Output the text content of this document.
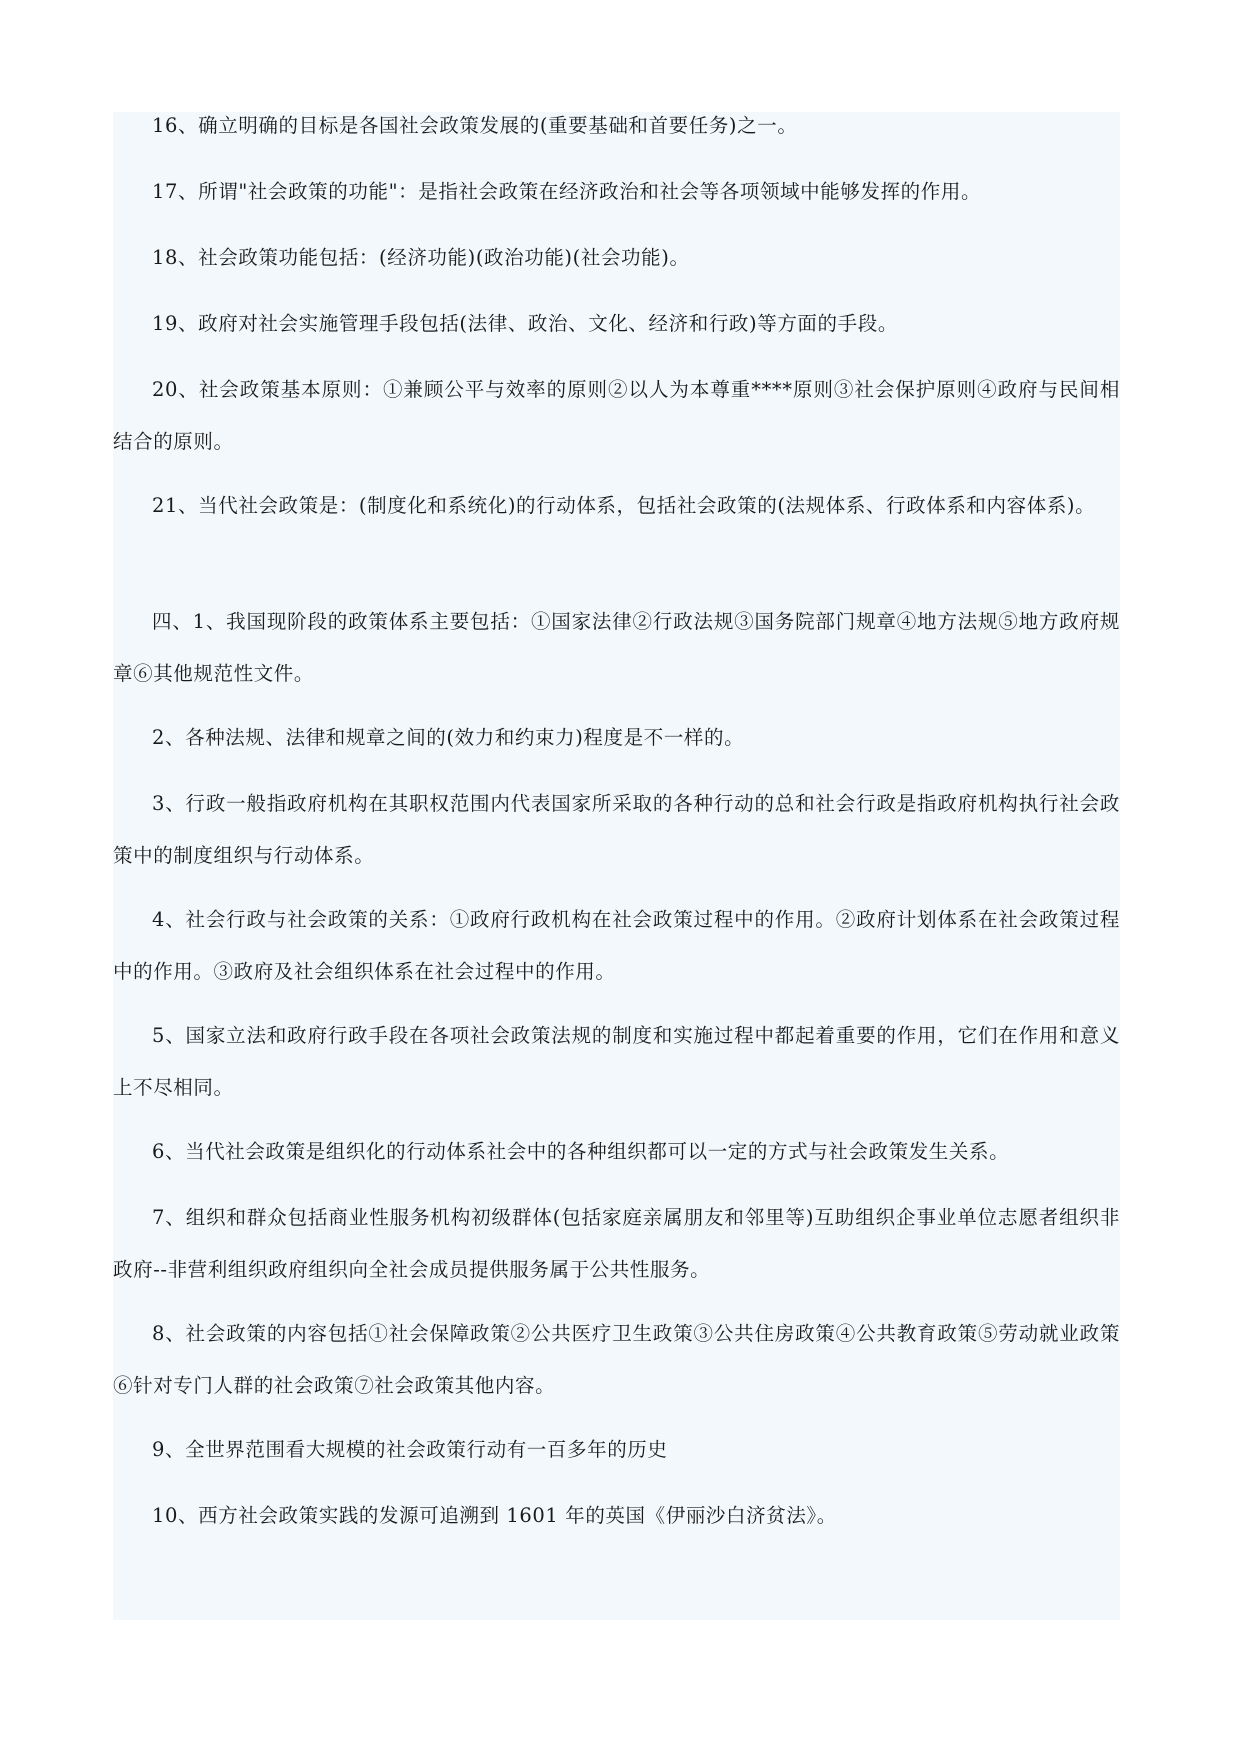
16、确立明确的目标是各国社会政策发展的(重要基础和首要任务)之一。

17、所谓"社会政策的功能"：是指社会政策在经济政治和社会等各项领域中能够发挥的作用。

18、社会政策功能包括：(经济功能)(政治功能)(社会功能)。

19、政府对社会实施管理手段包括(法律、政治、文化、经济和行政)等方面的手段。

20、社会政策基本原则：①兼顾公平与效率的原则②以人为本尊重****原则③社会保护原则④政府与民间相结合的原则。

21、当代社会政策是：(制度化和系统化)的行动体系，包括社会政策的(法规体系、行政体系和内容体系)。

四、1、我国现阶段的政策体系主要包括：①国家法律②行政法规③国务院部门规章④地方法规⑤地方政府规章⑥其他规范性文件。

2、各种法规、法律和规章之间的(效力和约束力)程度是不一样的。

3、行政一般指政府机构在其职权范围内代表国家所采取的各种行动的总和社会行政是指政府机构执行社会政策中的制度组织与行动体系。

4、社会行政与社会政策的关系：①政府行政机构在社会政策过程中的作用。②政府计划体系在社会政策过程中的作用。③政府及社会组织体系在社会过程中的作用。

5、国家立法和政府行政手段在各项社会政策法规的制度和实施过程中都起着重要的作用，它们在作用和意义上不尽相同。

6、当代社会政策是组织化的行动体系社会中的各种组织都可以一定的方式与社会政策发生关系。

7、组织和群众包括商业性服务机构初级群体(包括家庭亲属朋友和邻里等)互助组织企事业单位志愿者组织非政府--非营利组织政府组织向全社会成员提供服务属于公共性服务。

8、社会政策的内容包括①社会保障政策②公共医疗卫生政策③公共住房政策④公共教育政策⑤劳动就业政策⑥针对专门人群的社会政策⑦社会政策其他内容。

9、全世界范围看大规模的社会政策行动有一百多年的历史

10、西方社会政策实践的发源可追溯到 1601 年的英国《伊丽沙白济贫法》。
